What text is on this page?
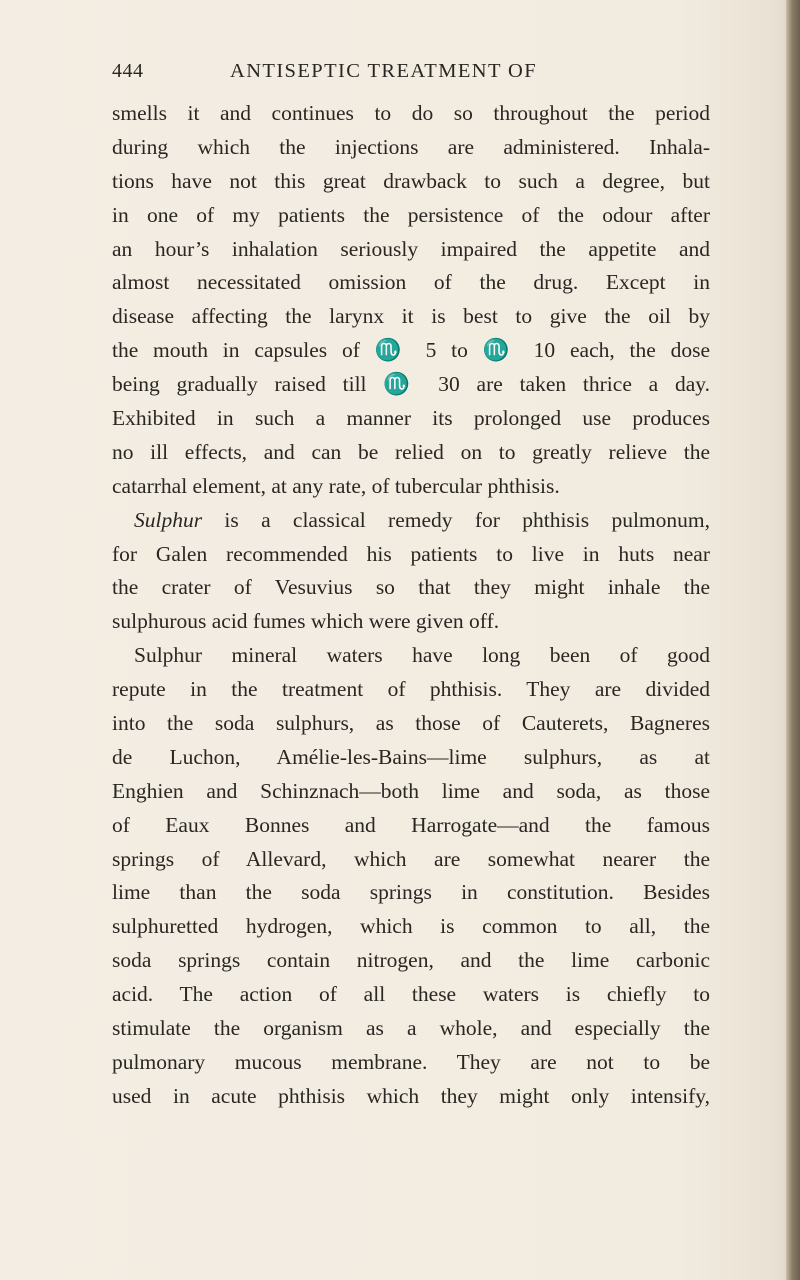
444	ANTISEPTIC TREATMENT OF
smells it and continues to do so throughout the period
during which the injections are administered. Inhala-
tions have not this great drawback to such a degree, but
in one of my patients the persistence of the odour after
an hour’s inhalation seriously impaired the appetite and
almost necessitated omission of the drug. Except in
disease affecting the larynx it is best to give the oil by
the mouth in capsules of ♏ 5 to ♏ 10 each, the dose
being gradually raised till ♏ 30 are taken thrice a day.
Exhibited in such a manner its prolonged use produces
no ill effects, and can be relied on to greatly relieve the
catarrhal element, at any rate, of tubercular phthisis.
Sulphur is a classical remedy for phthisis pulmonum,
for Galen recommended his patients to live in huts near
the crater of Vesuvius so that they might inhale the
sulphurous acid fumes which were given off.
Sulphur mineral waters have long been of good
repute in the treatment of phthisis. They are divided
into the soda sulphurs, as those of Cauterets, Bagneres
de Luchon, Amélie-les-Bains—lime sulphurs, as at
Enghien and Schinznach—both lime and soda, as those
of Eaux Bonnes and Harrogate—and the famous
springs of Allevard, which are somewhat nearer the
lime than the soda springs in constitution. Besides
sulphuretted hydrogen, which is common to all, the
soda springs contain nitrogen, and the lime carbonic
acid. The action of all these waters is chiefly to
stimulate the organism as a whole, and especially the
pulmonary mucous membrane. They are not to be
used in acute phthisis which they might only intensify,
